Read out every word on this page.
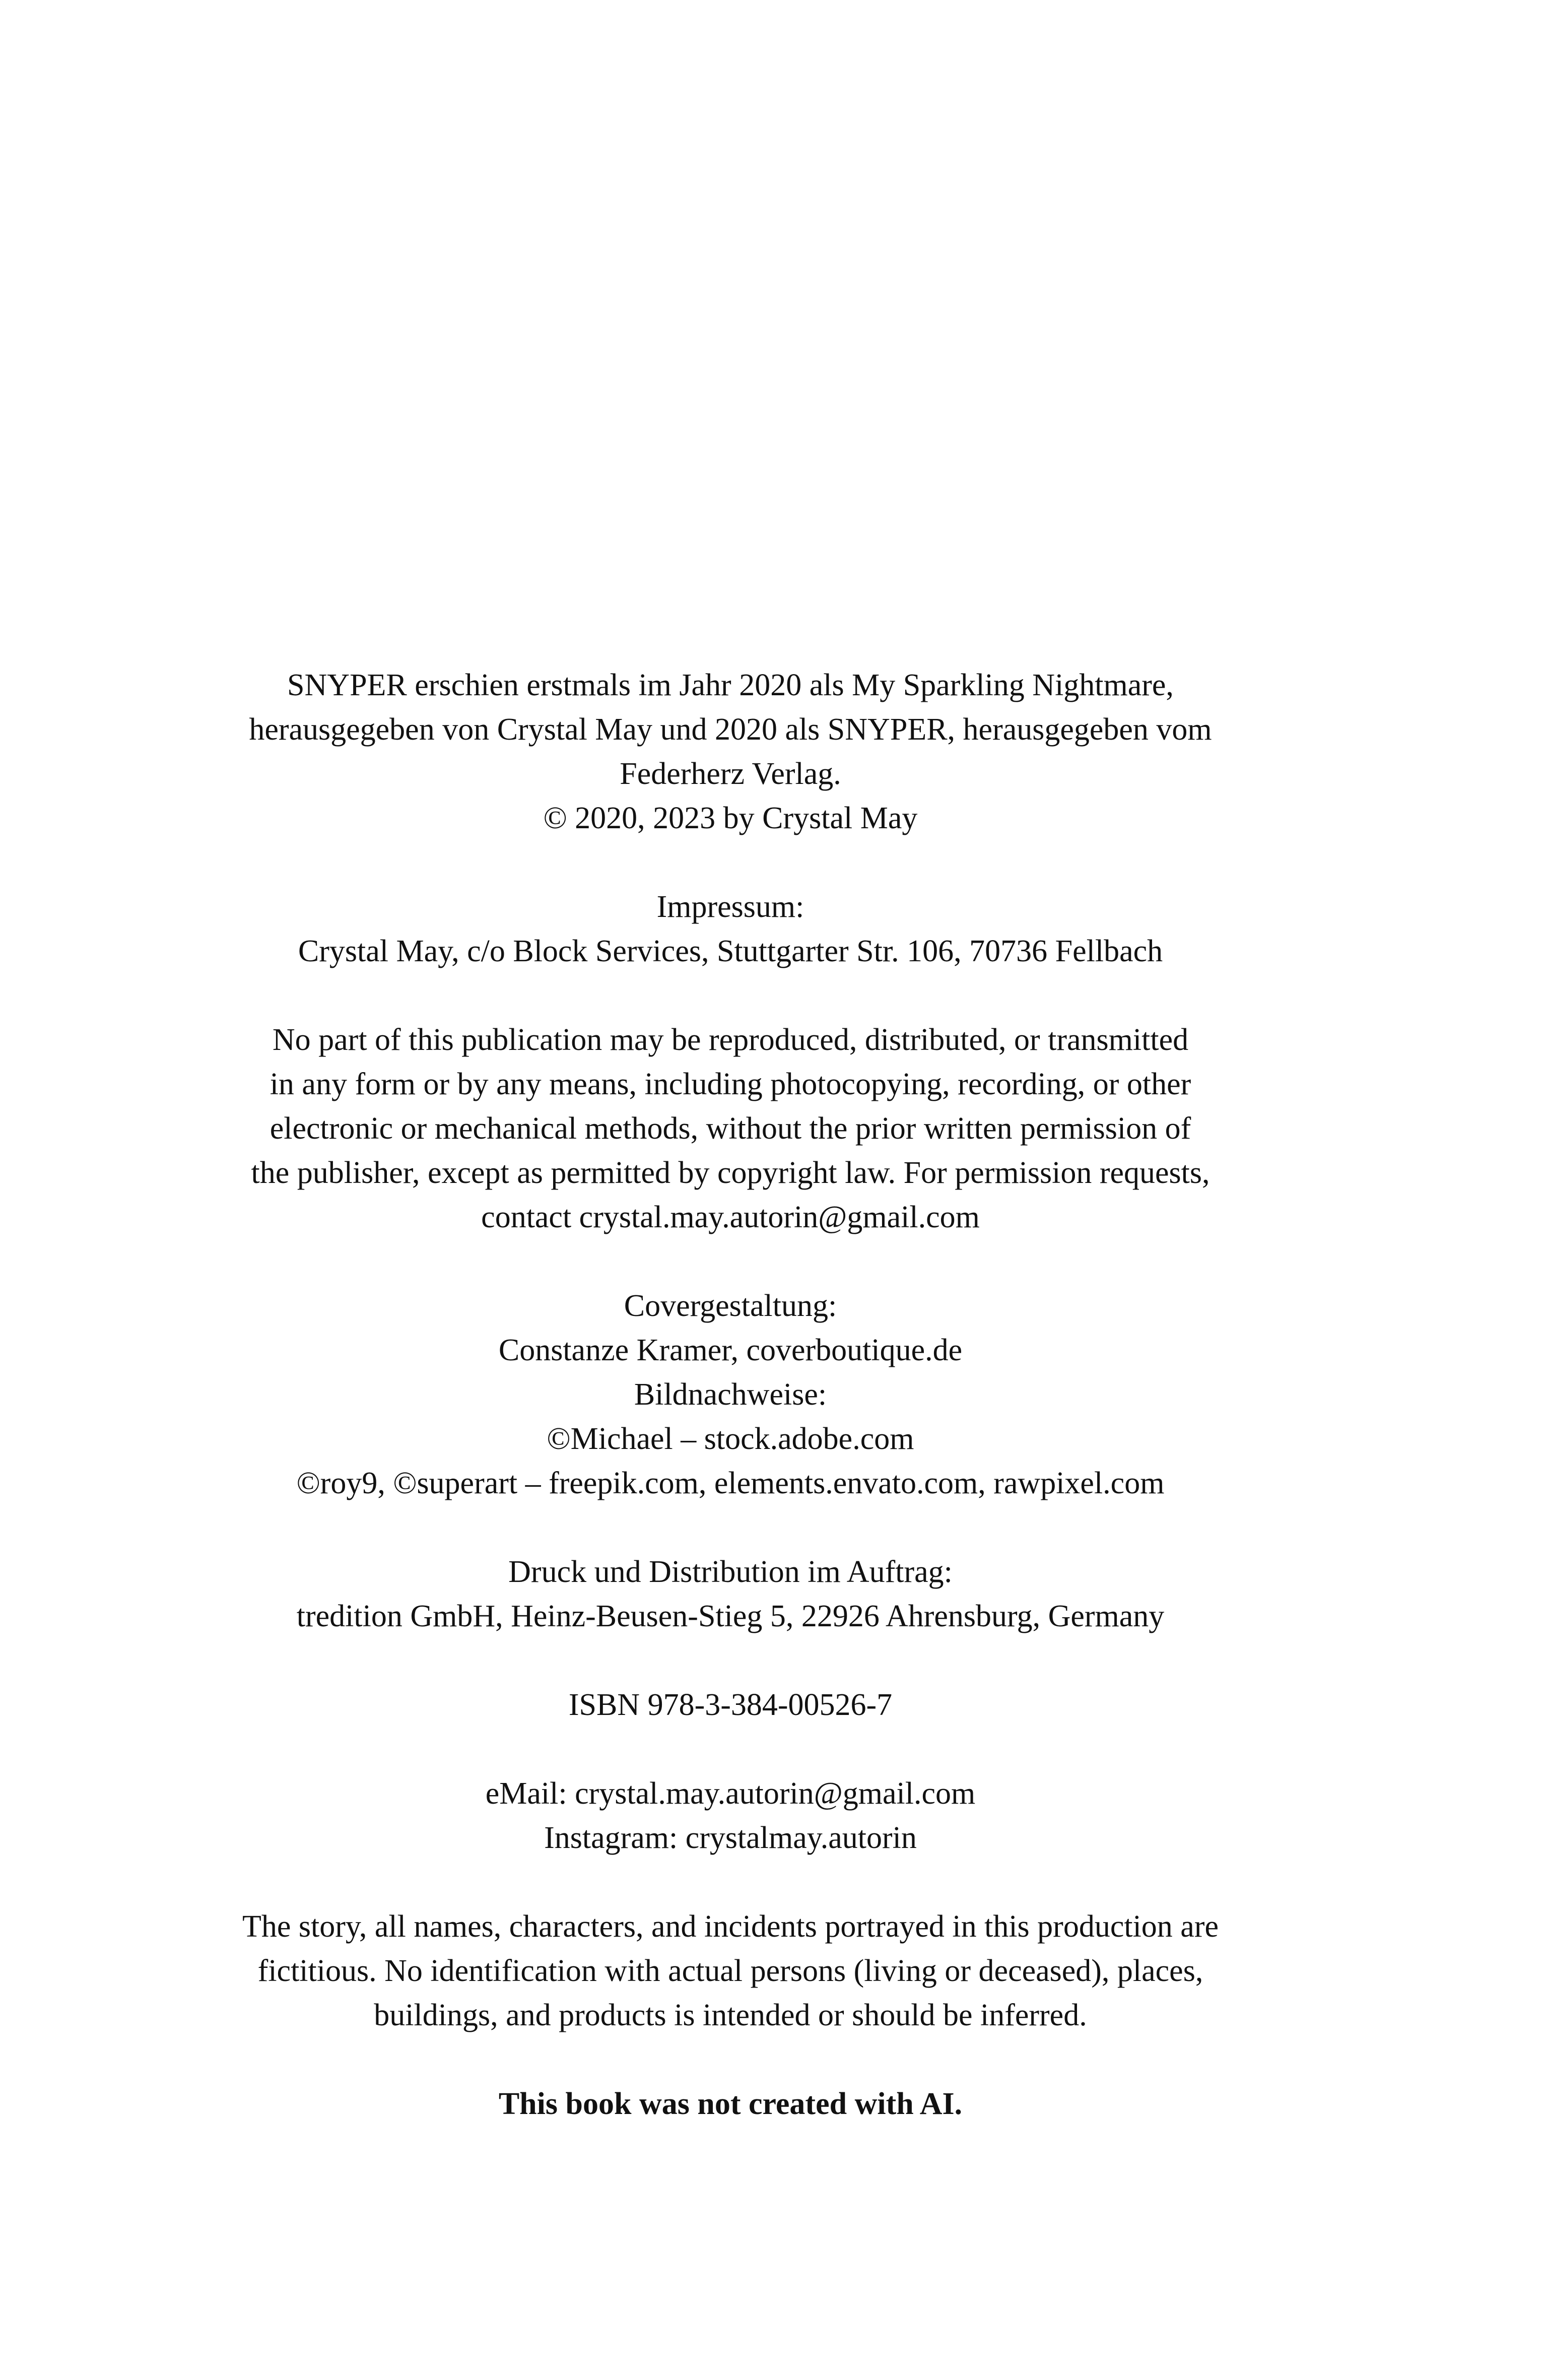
SNYPER erschien erstmals im Jahr 2020 als My Sparkling Nightmare,
herausgegeben von Crystal May und 2020 als SNYPER, herausgegeben vom
Federherz Verlag.
© 2020, 2023 by Crystal May
Impressum:
Crystal May, c/o Block Services, Stuttgarter Str. 106, 70736 Fellbach
No part of this publication may be reproduced, distributed, or transmitted
in any form or by any means, including photocopying, recording, or other
electronic or mechanical methods, without the prior written permission of
the publisher, except as permitted by copyright law. For permission requests,
contact crystal.may.autorin@gmail.com
Covergestaltung:
Constanze Kramer, coverboutique.de
Bildnachweise:
©Michael – stock.adobe.com
©roy9, ©superart – freepik.com, elements.envato.com, rawpixel.com
Druck und Distribution im Auftrag:
tredition GmbH, Heinz-Beusen-Stieg 5, 22926 Ahrensburg, Germany
ISBN 978-3-384-00526-7
eMail: crystal.may.autorin@gmail.com
Instagram: crystalmay.autorin
The story, all names, characters, and incidents portrayed in this production are
fictitious. No identification with actual persons (living or deceased), places,
buildings, and products is intended or should be inferred.
This book was not created with AI.
